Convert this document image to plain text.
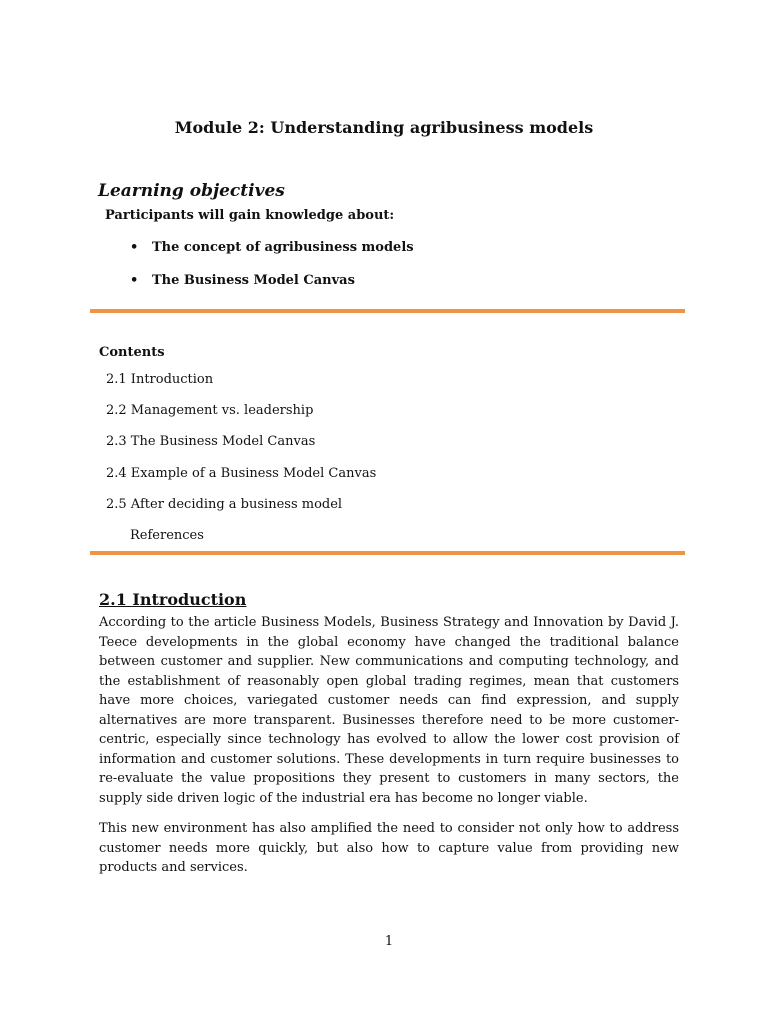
Module 2: Understanding agribusiness models
Learning objectives
Participants will gain knowledge about:
•	The concept of agribusiness models
•	The Business Model Canvas
Contents
2.1 Introduction
2.2 Management vs. leadership
2.3 The Business Model Canvas
2.4 Example of a Business Model Canvas
2.5 After deciding a business model
References
2.1 Introduction

According to the article Business Models, Business Strategy and Innovation by David J. Teece developments in the global economy have changed the traditional balance between customer and supplier. New communications and computing technology, and the establishment of reasonably open global trading regimes, mean that customers have more choices, variegated customer needs can find expression, and supply alternatives are more transparent. Businesses therefore need to be more customer-centric, especially since technology has evolved to allow the lower cost provision of information and customer solutions. These developments in turn require businesses to re-evaluate the value propositions they present to customers in many sectors, the supply side driven logic of the industrial era has become no longer viable.

This new environment has also amplified the need to consider not only how to address customer needs more quickly, but also how to capture value from providing new products and services.

1
